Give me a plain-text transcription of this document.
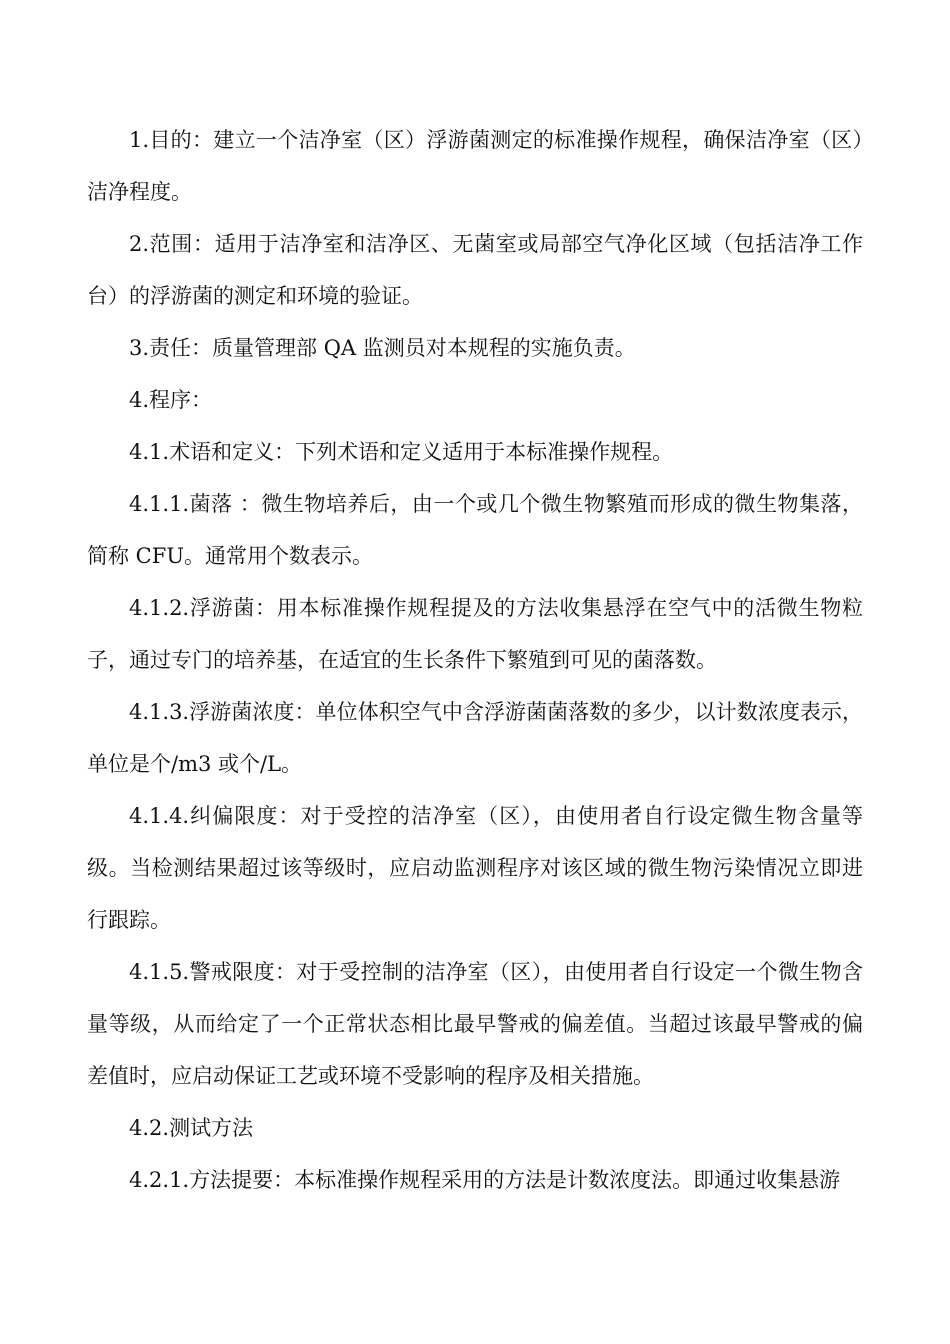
1.目的：建立一个洁净室（区）浮游菌测定的标准操作规程，确保洁净室（区）洁净程度。

2.范围：适用于洁净室和洁净区、无菌室或局部空气净化区域（包括洁净工作台）的浮游菌的测定和环境的验证。

3.责任：质量管理部 QA 监测员对本规程的实施负责。

4.程序：

4.1.术语和定义：下列术语和定义适用于本标准操作规程。

4.1.1.菌落 ：微生物培养后，由一个或几个微生物繁殖而形成的微生物集落，简称 CFU。通常用个数表示。

4.1.2.浮游菌：用本标准操作规程提及的方法收集悬浮在空气中的活微生物粒子，通过专门的培养基，在适宜的生长条件下繁殖到可见的菌落数。

4.1.3.浮游菌浓度：单位体积空气中含浮游菌菌落数的多少，以计数浓度表示，单位是个/m3 或个/L。

4.1.4.纠偏限度：对于受控的洁净室（区），由使用者自行设定微生物含量等级。当检测结果超过该等级时，应启动监测程序对该区域的微生物污染情况立即进行跟踪。

4.1.5.警戒限度：对于受控制的洁净室（区），由使用者自行设定一个微生物含量等级，从而给定了一个正常状态相比最早警戒的偏差值。当超过该最早警戒的偏差值时，应启动保证工艺或环境不受影响的程序及相关措施。

4.2.测试方法

4.2.1.方法提要：本标准操作规程采用的方法是计数浓度法。即通过收集悬游
